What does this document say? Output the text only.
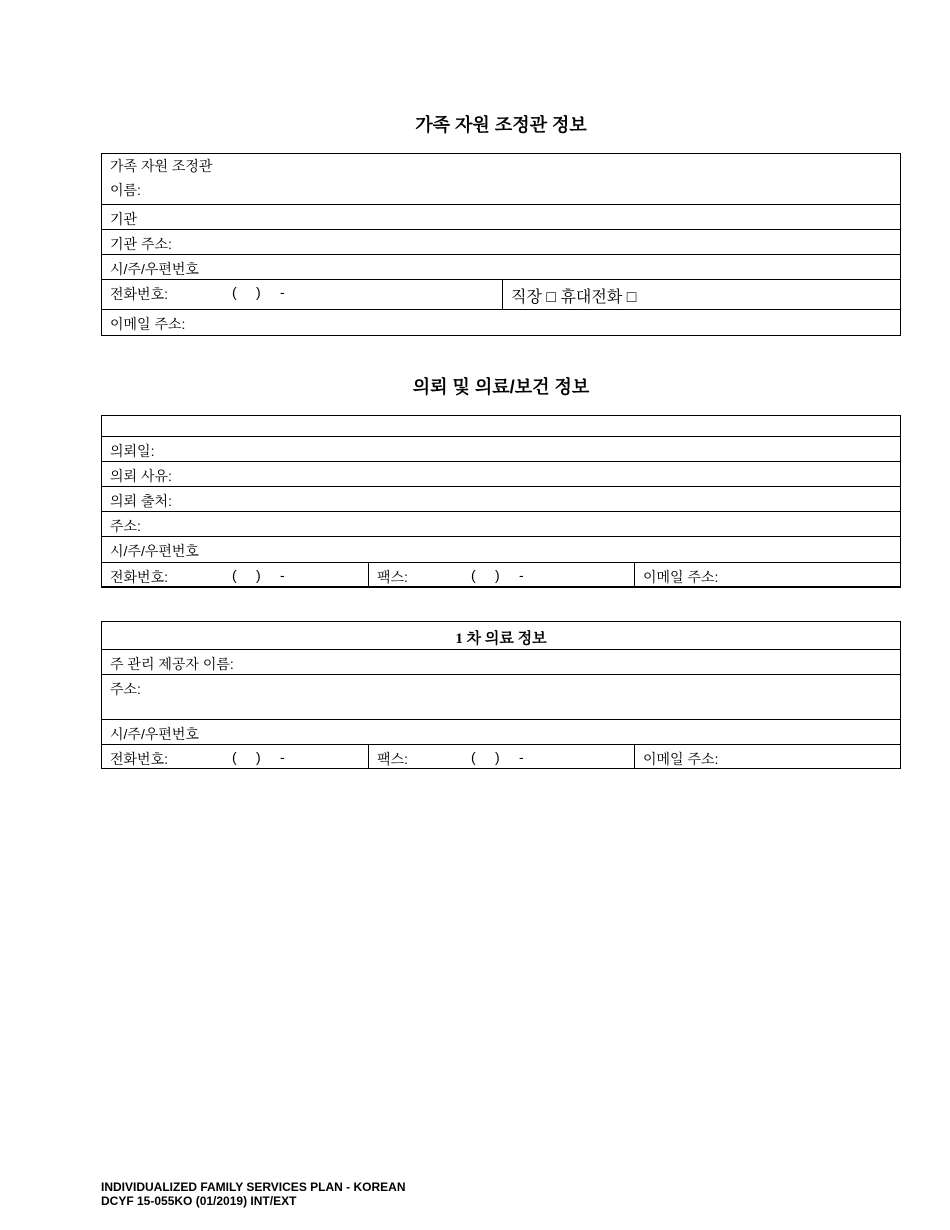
가족 자원 조정관 정보
가족 자원 조정관
이름:
기관
기관 주소:
시/주/우편번호
전화번호:	( ) -	직장 □ 휴대전화 □
이메일 주소:
의뢰 및 의료/보건 정보
의뢰일:
의뢰 사유:
의뢰 출처:
주소:
시/주/우편번호
전화번호:	( ) -	팩스:	( ) -	이메일 주소:
1 차 의료 정보
주 관리 제공자 이름:
주소:
시/주/우편번호
전화번호:	( ) -	팩스:	( ) -	이메일 주소:
INDIVIDUALIZED FAMILY SERVICES PLAN - KOREAN
DCYF 15-055KO (01/2019) INT/EXT
